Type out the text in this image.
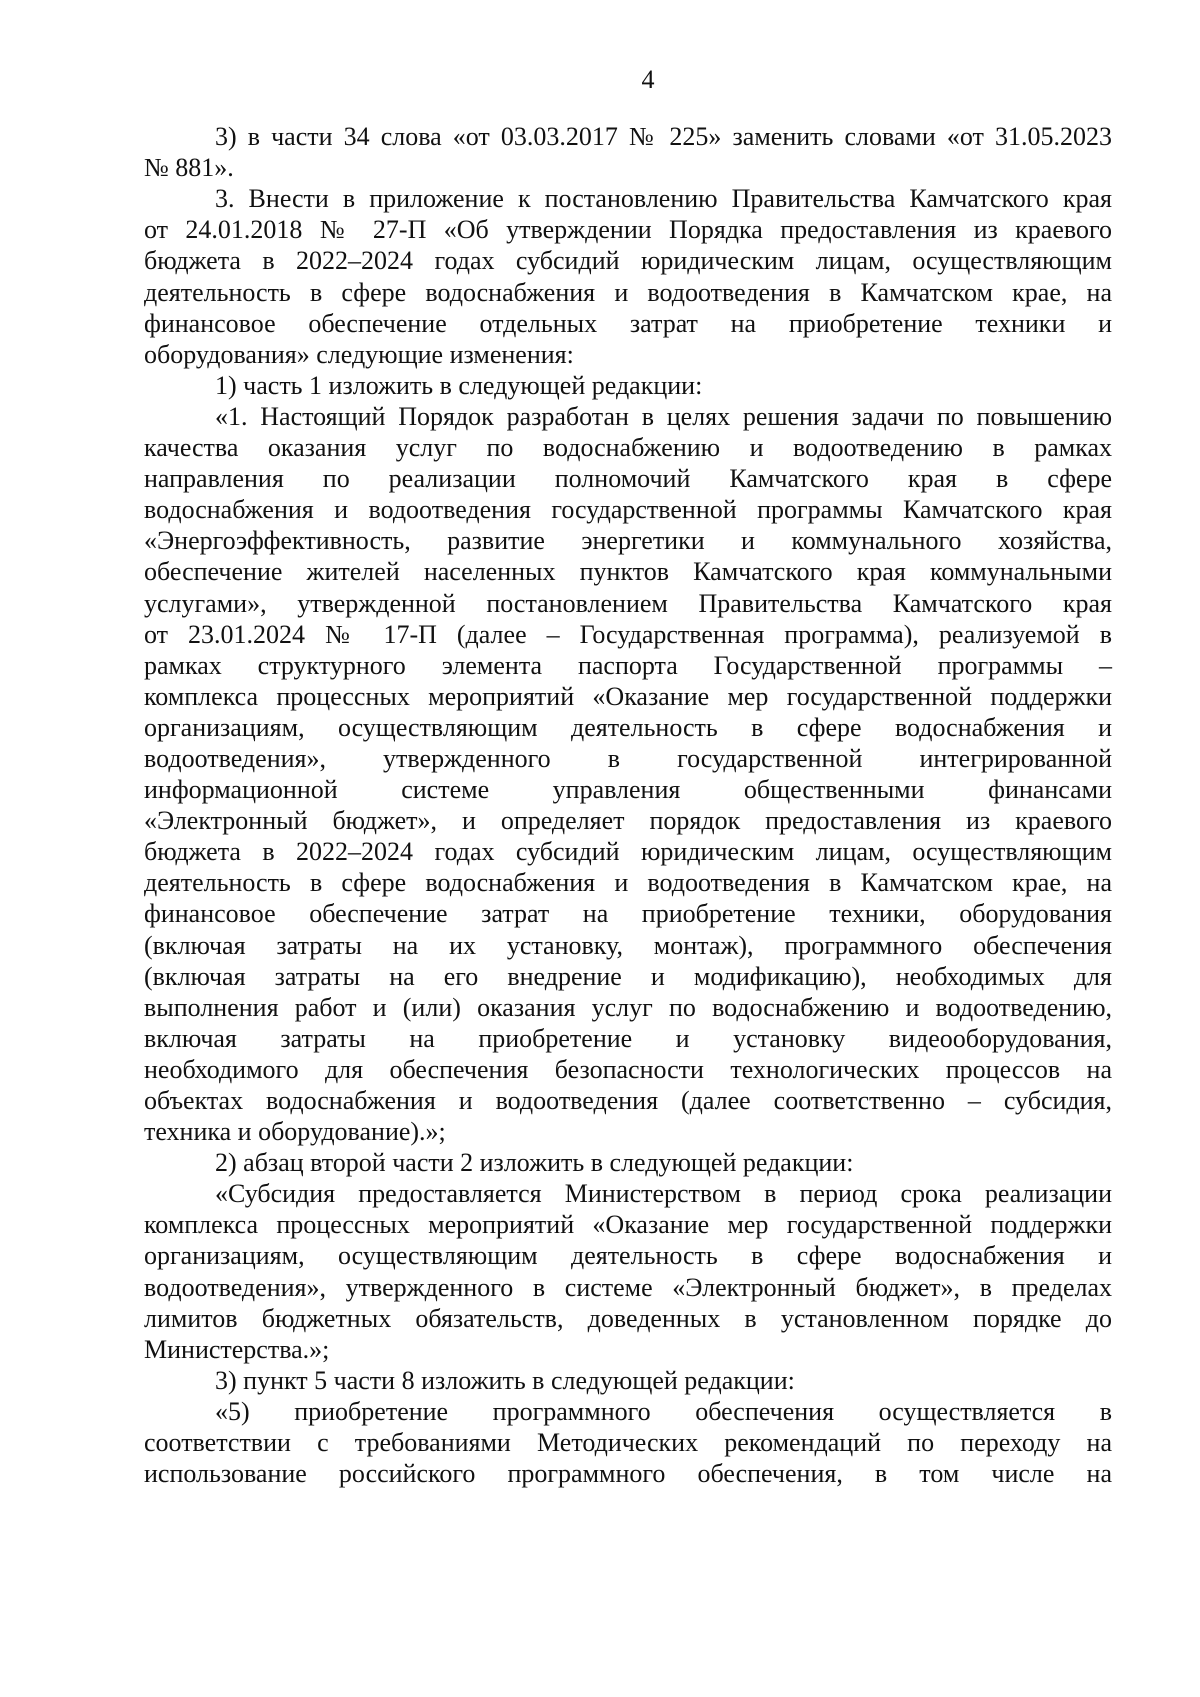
4
3) в части 34 слова «от 03.03.2017 № 225» заменить словами «от 31.05.2023
№ 881».
3. Внести в приложение к постановлению Правительства Камчатского края
от 24.01.2018 № 27-П «Об утверждении Порядка предоставления из краевого
бюджета в 2022–2024 годах субсидий юридическим лицам, осуществляющим
деятельность в сфере водоснабжения и водоотведения в Камчатском крае, на
финансовое обеспечение отдельных затрат на приобретение техники и
оборудования» следующие изменения:
1) часть 1 изложить в следующей редакции:
«1. Настоящий Порядок разработан в целях решения задачи по повышению
качества оказания услуг по водоснабжению и водоотведению в рамках
направления по реализации полномочий Камчатского края в сфере
водоснабжения и водоотведения государственной программы Камчатского края
«Энергоэффективность, развитие энергетики и коммунального хозяйства,
обеспечение жителей населенных пунктов Камчатского края коммунальными
услугами», утвержденной постановлением Правительства Камчатского края
от 23.01.2024 № 17-П (далее – Государственная программа), реализуемой в
рамках структурного элемента паспорта Государственной программы –
комплекса процессных мероприятий «Оказание мер государственной поддержки
организациям, осуществляющим деятельность в сфере водоснабжения и
водоотведения», утвержденного в государственной интегрированной
информационной системе управления общественными финансами
«Электронный бюджет», и определяет порядок предоставления из краевого
бюджета в 2022–2024 годах субсидий юридическим лицам, осуществляющим
деятельность в сфере водоснабжения и водоотведения в Камчатском крае, на
финансовое обеспечение затрат на приобретение техники, оборудования
(включая затраты на их установку, монтаж), программного обеспечения
(включая затраты на его внедрение и модификацию), необходимых для
выполнения работ и (или) оказания услуг по водоснабжению и водоотведению,
включая затраты на приобретение и установку видеооборудования,
необходимого для обеспечения безопасности технологических процессов на
объектах водоснабжения и водоотведения (далее соответственно – субсидия,
техника и оборудование).»;
2) абзац второй части 2 изложить в следующей редакции:
«Субсидия предоставляется Министерством в период срока реализации
комплекса процессных мероприятий «Оказание мер государственной поддержки
организациям, осуществляющим деятельность в сфере водоснабжения и
водоотведения», утвержденного в системе «Электронный бюджет», в пределах
лимитов бюджетных обязательств, доведенных в установленном порядке до
Министерства.»;
3) пункт 5 части 8 изложить в следующей редакции:
«5) приобретение программного обеспечения осуществляется в
соответствии с требованиями Методических рекомендаций по переходу на
использование российского программного обеспечения, в том числе на
